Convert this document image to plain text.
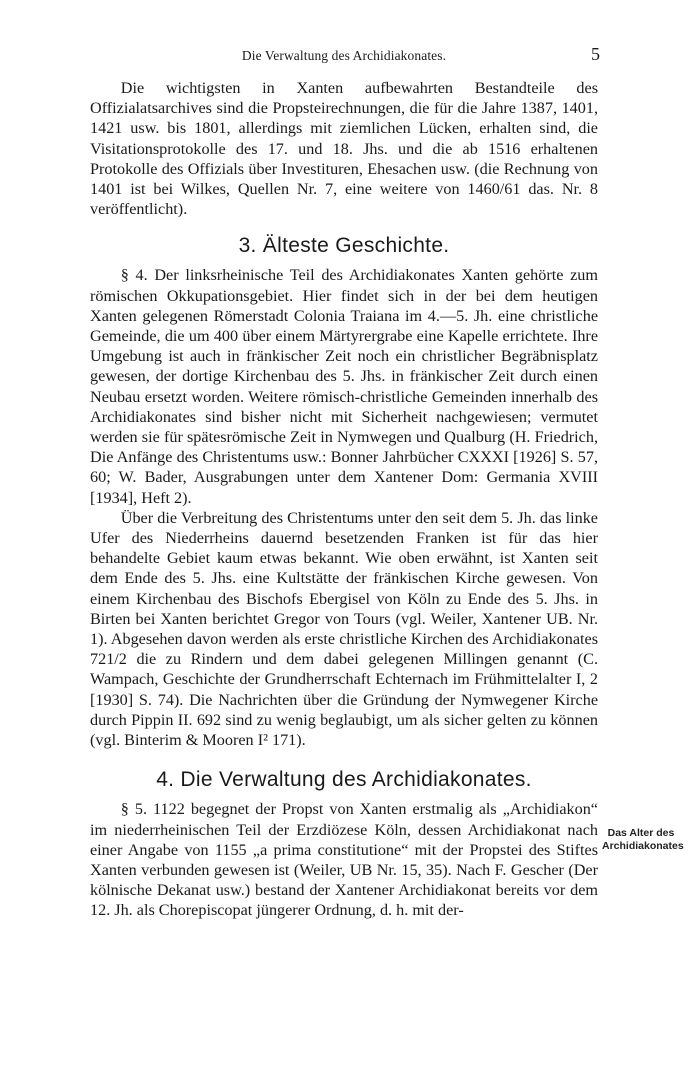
Die Verwaltung des Archidiakonates.	5

Die wichtigsten in Xanten aufbewahrten Bestandteile des Offizialatsarchives sind die Propsteirechnungen, die für die Jahre 1387, 1401, 1421 usw. bis 1801, allerdings mit ziemlichen Lücken, erhalten sind, die Visitationsprotokolle des 17. und 18. Jhs. und die ab 1516 erhaltenen Protokolle des Offizials über Investituren, Ehesachen usw. (die Rechnung von 1401 ist bei Wilkes, Quellen Nr. 7, eine weitere von 1460/61 das. Nr. 8 veröffentlicht).

3. Älteste Geschichte.

§ 4. Der linksrheinische Teil des Archidiakonates Xanten gehörte zum römischen Okkupationsgebiet. Hier findet sich in der bei dem heutigen Xanten gelegenen Römerstadt Colonia Traiana im 4.—5. Jh. eine christliche Gemeinde, die um 400 über einem Märtyrergrabe eine Kapelle errichtete. Ihre Umgebung ist auch in fränkischer Zeit noch ein christlicher Begräbnisplatz gewesen, der dortige Kirchenbau des 5. Jhs. in fränkischer Zeit durch einen Neubau ersetzt worden. Weitere römisch-christliche Gemeinden innerhalb des Archidiakonates sind bisher nicht mit Sicherheit nachgewiesen; vermutet werden sie für spätesrömische Zeit in Nymwegen und Qualburg (H. Friedrich, Die Anfänge des Christentums usw.: Bonner Jahrbücher CXXXI [1926] S. 57, 60; W. Bader, Ausgrabungen unter dem Xantener Dom: Germania XVIII [1934], Heft 2).

Über die Verbreitung des Christentums unter den seit dem 5. Jh. das linke Ufer des Niederrheins dauernd besetzenden Franken ist für das hier behandelte Gebiet kaum etwas bekannt. Wie oben erwähnt, ist Xanten seit dem Ende des 5. Jhs. eine Kultstätte der fränkischen Kirche gewesen. Von einem Kirchenbau des Bischofs Ebergisel von Köln zu Ende des 5. Jhs. in Birten bei Xanten berichtet Gregor von Tours (vgl. Weiler, Xantener UB. Nr. 1). Abgesehen davon werden als erste christliche Kirchen des Archidiakonates 721/2 die zu Rindern und dem dabei gelegenen Millingen genannt (C. Wampach, Geschichte der Grundherrschaft Echternach im Frühmittelalter I, 2 [1930] S. 74). Die Nachrichten über die Gründung der Nymwegener Kirche durch Pippin II. 692 sind zu wenig beglaubigt, um als sicher gelten zu können (vgl. Binterim & Mooren I² 171).

4. Die Verwaltung des Archidiakonates.

§ 5. 1122 begegnet der Propst von Xanten erstmalig als „Archidiakon“ im niederrheinischen Teil der Erzdiözese Köln, dessen Archidiakonat nach einer Angabe von 1155 „a prima constitutione“ mit der Propstei des Stiftes Xanten verbunden gewesen ist (Weiler, UB Nr. 15, 35). Nach F. Gescher (Der kölnische Dekanat usw.) bestand der Xantener Archidiakonat bereits vor dem 12. Jh. als Chorepiscopat jüngerer Ordnung, d. h. mit der-

Das Alter des Archidiakonates
